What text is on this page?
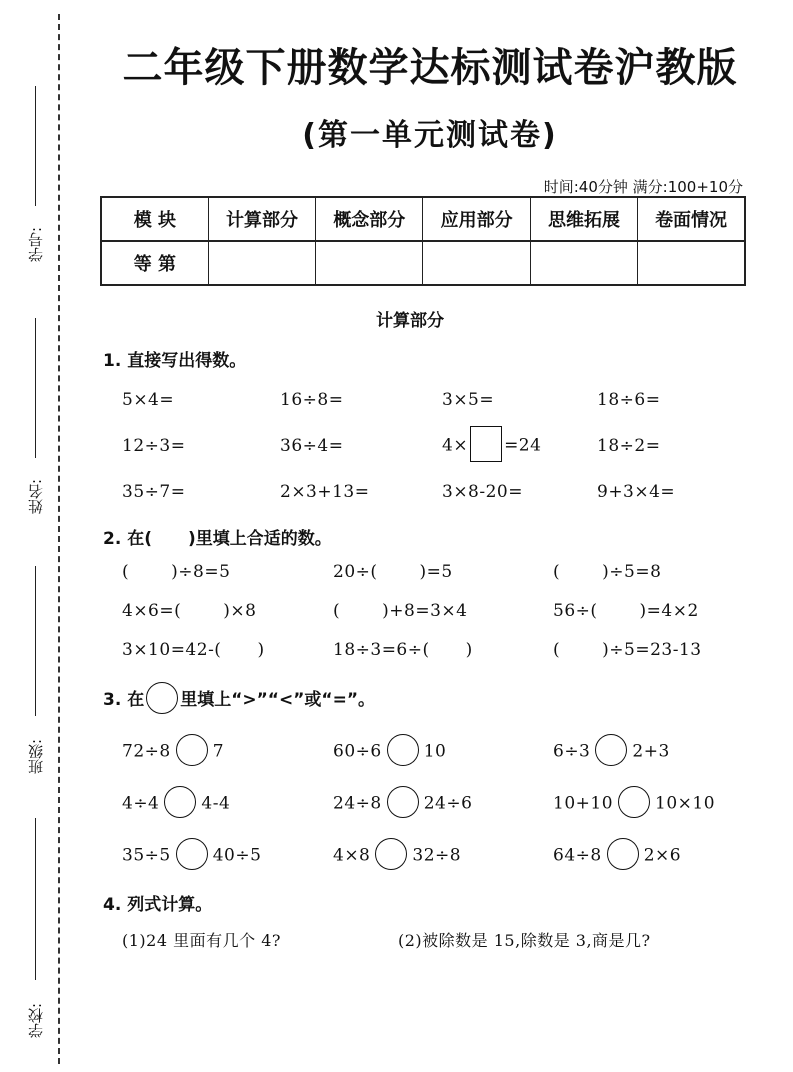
学号:
姓名:
班级:
学校:
二年级下册数学达标测试卷沪教版
(第一单元测试卷)
时间:40分钟 满分:100+10分
模 块	计算部分	概念部分	应用部分	思维拓展	卷面情况
等 第					
计算部分
1. 直接写出得数。
5×4=	16÷8=	3×5=	18÷6=
12÷3=	36÷4=	4× =24	18÷2=
35÷7=	2×3+13=	3×8-20=	9+3×4=
2. 在( )里填上合适的数。
( )÷8=5	20÷( )=5	( )÷5=8
4×6=( )×8	( )+8=3×4	56÷( )=4×2
3×10=42-( )	18÷3=6÷( )	( )÷5=23-13
3. 在 里填上“>”“<”或“=”。
72÷8 7	60÷6 10	6÷3 2+3
4÷4 4-4	24÷8 24÷6	10+10 10×10
35÷5 40÷5	4×8 32÷8	64÷8 2×6
4. 列式计算。
(1)24 里面有几个 4?	(2)被除数是 15,除数是 3,商是几?
